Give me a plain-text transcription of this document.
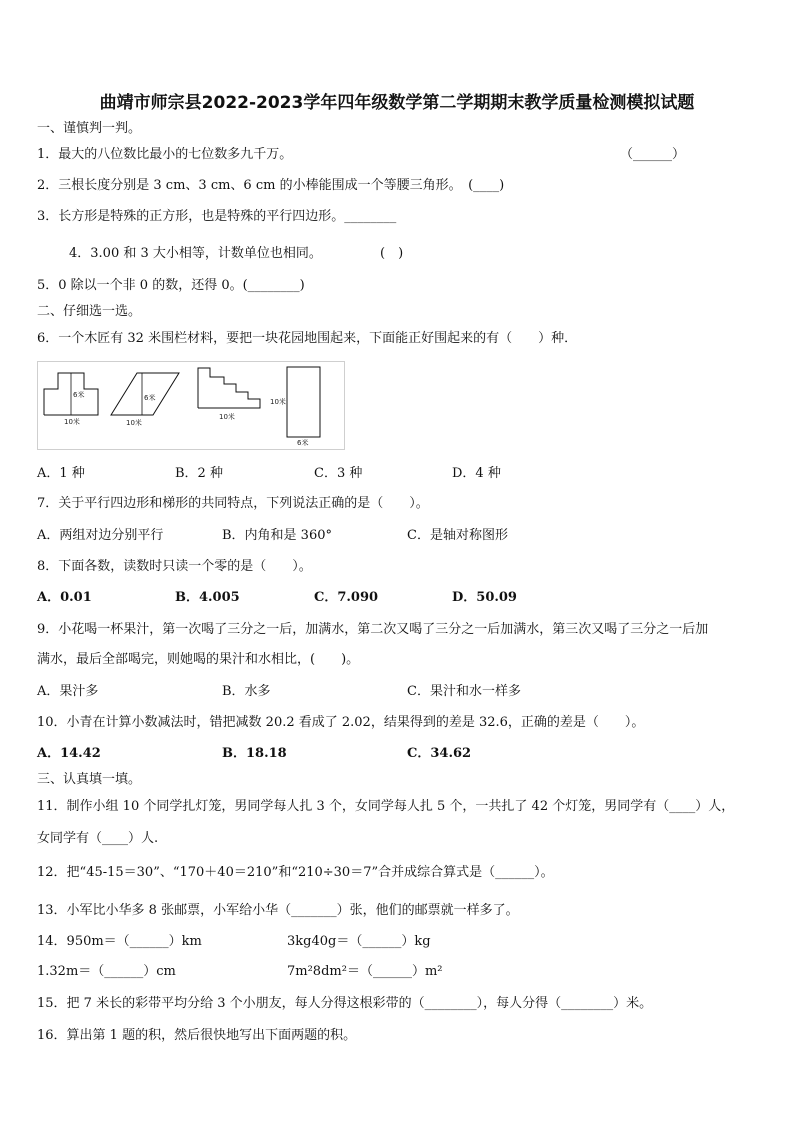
曲靖市师宗县2022-2023学年四年级数学第二学期期末教学质量检测模拟试题
一、谨慎判一判。
1．最大的八位数比最小的七位数多九千万。	（______）
2．三根长度分别是 3 cm、3 cm、6 cm 的小棒能围成一个等腰三角形。　(____)
3．长方形是特殊的正方形，也是特殊的平行四边形。________
4．3.00 和 3 大小相等，计数单位也相同。	(　)
5．0 除以一个非 0 的数，还得 0。(________)
二、仔细选一选。
6．一个木匠有 32 米围栏材料，要把一块花园地围起来，下面能正好围起来的有（　　）种．
6米
10米
6米
10米
10米
10米
6米
A．1 种	B．2 种	C．3 种	D．4 种
7．关于平行四边形和梯形的共同特点，下列说法正确的是（　　）。
A．两组对边分别平行	B．内角和是 360°	C．是轴对称图形
8．下面各数，读数时只读一个零的是（　　）。
A．0.01	B．4.005	C．7.090	D．50.09
9．小花喝一杯果汁，第一次喝了三分之一后，加满水，第二次又喝了三分之一后加满水，第三次又喝了三分之一后加
满水，最后全部喝完，则她喝的果汁和水相比，(　　)。
A．果汁多	B．水多	C．果汁和水一样多
10．小青在计算小数减法时，错把减数 20.2 看成了 2.02，结果得到的差是 32.6，正确的差是（　　）。
A．14.42	B．18.18	C．34.62
三、认真填一填。
11．制作小组 10 个同学扎灯笼，男同学每人扎 3 个，女同学每人扎 5 个，一共扎了 42 个灯笼，男同学有（____）人，
女同学有（____）人.
12．把“45-15＝30”、“170＋40＝210”和“210÷30＝7”合并成综合算式是（______）。
13．小军比小华多 8 张邮票，小军给小华（_______）张，他们的邮票就一样多了。
14．950m＝（______）km	3kg40g＝（______）kg
1.32m＝（______）cm	7m²8dm²＝（______）m²
15．把 7 米长的彩带平均分给 3 个小朋友，每人分得这根彩带的（________），每人分得（________）米。
16．算出第 1 题的积，然后很快地写出下面两题的积。
